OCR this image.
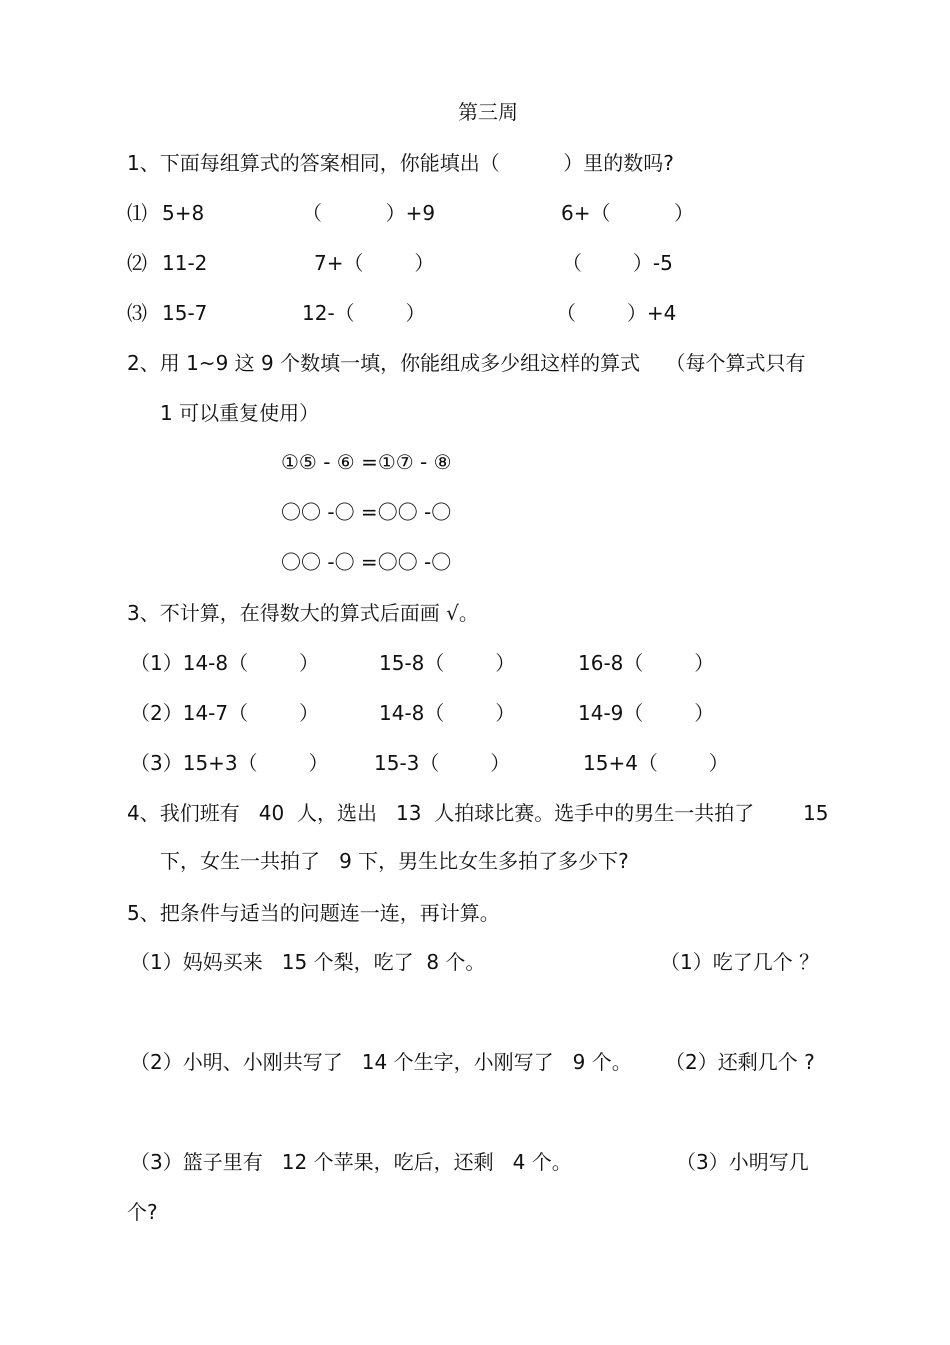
第三周
1、下面每组算式的答案相同，你能填出（          ）里的数吗?
⑴ 5+8	（          ）+9	6+（          ）
⑵ 11-2	7+（        ）	（        ）-5
⑶ 15-7	12-（        ）	（        ）+4
2、用 1~9 这 9 个数填一填，你能组成多少组这样的算式    （每个算式只有
1 可以重复使用）
①⑤ - ⑥ =①⑦ - ⑧
〇〇 -〇 =〇〇 -〇
〇〇 -〇 =〇〇 -〇
3、不计算，在得数大的算式后面画 √。
（1）14-8（        ）	15-8（        ）	16-8（        ）
（2）14-7（        ）	14-8（        ）	14-9（        ）
（3）15+3（        ） 15-3（        ）	15+4（        ）
4、我们班有   40  人，选出   13  人拍球比赛。选手中的男生一共拍了 15
下，女生一共拍了   9 下，男生比女生多拍了多少下?
5、把条件与适当的问题连一连，再计算。
（1）妈妈买来   15 个梨，吃了  8 个。	（1）吃了几个 ？
（2）小明、小刚共写了   14 个生字，小刚写了   9 个。 （2）还剩几个 ?
（3）篮子里有   12 个苹果，吃后，还剩   4 个。	（3）小明写几
个?
